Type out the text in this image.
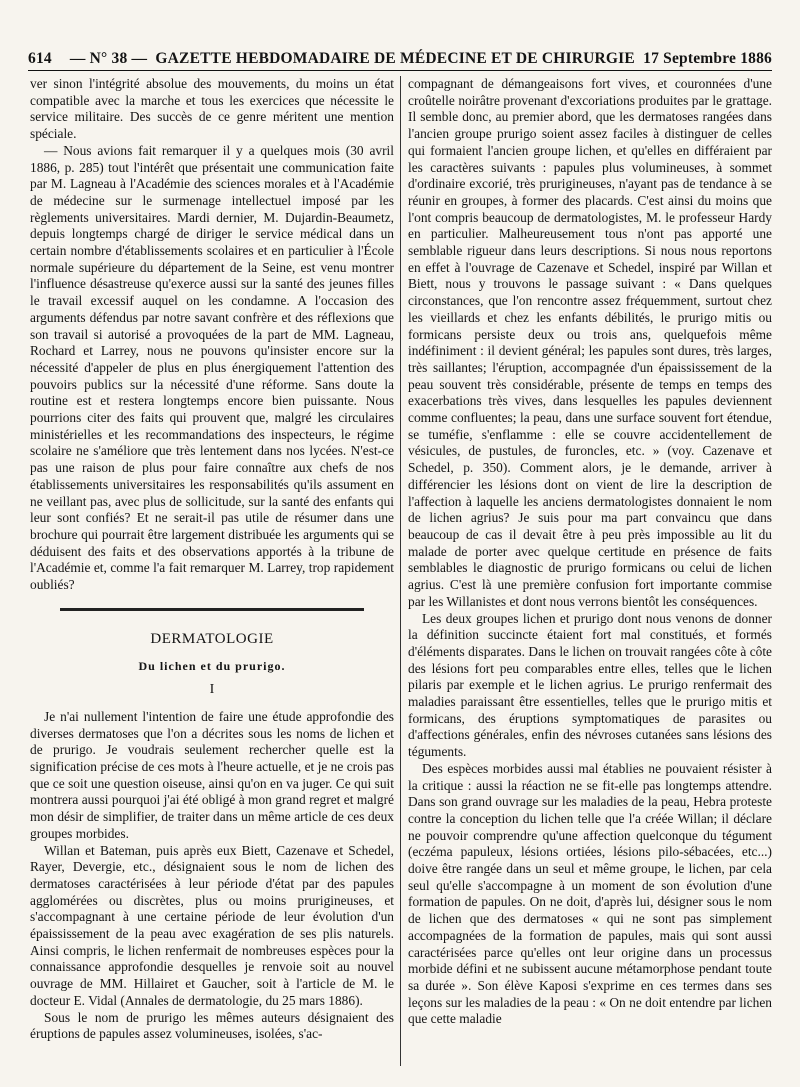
614 — N° 38 — GAZETTE HEBDOMADAIRE DE MÉDECINE ET DE CHIRURGIE 17 Septembre 1886

ver sinon l'intégrité absolue des mouvements, du moins un état compatible avec la marche et tous les exercices que nécessite le service militaire. Des succès de ce genre méritent une mention spéciale.

— Nous avions fait remarquer il y a quelques mois (30 avril 1886, p. 285) tout l'intérêt que présentait une communication faite par M. Lagneau à l'Académie des sciences morales et à l'Académie de médecine sur le surmenage intellectuel imposé par les règlements universitaires. Mardi dernier, M. Dujardin-Beaumetz, depuis longtemps chargé de diriger le service médical dans un certain nombre d'établissements scolaires et en particulier à l'École normale supérieure du département de la Seine, est venu montrer l'influence désastreuse qu'exerce aussi sur la santé des jeunes filles le travail excessif auquel on les condamne. A l'occasion des arguments défendus par notre savant confrère et des réflexions que son travail si autorisé a provoquées de la part de MM. Lagneau, Rochard et Larrey, nous ne pouvons qu'insister encore sur la nécessité d'appeler de plus en plus énergiquement l'attention des pouvoirs publics sur la nécessité d'une réforme. Sans doute la routine est et restera longtemps encore bien puissante. Nous pourrions citer des faits qui prouvent que, malgré les circulaires ministérielles et les recommandations des inspecteurs, le régime scolaire ne s'améliore que très lentement dans nos lycées. N'est-ce pas une raison de plus pour faire connaître aux chefs de nos établissements universitaires les responsabilités qu'ils assument en ne veillant pas, avec plus de sollicitude, sur la santé des enfants qui leur sont confiés? Et ne serait-il pas utile de résumer dans une brochure qui pourrait être largement distribuée les arguments qui se déduisent des faits et des observations apportés à la tribune de l'Académie et, comme l'a fait remarquer M. Larrey, trop rapidement oubliés?

DERMATOLOGIE
Du lichen et du prurigo.
I

Je n'ai nullement l'intention de faire une étude approfondie des diverses dermatoses que l'on a décrites sous les noms de lichen et de prurigo. Je voudrais seulement rechercher quelle est la signification précise de ces mots à l'heure actuelle, et je ne crois pas que ce soit une question oiseuse, ainsi qu'on en va juger. Ce qui suit montrera aussi pourquoi j'ai été obligé à mon grand regret et malgré mon désir de simplifier, de traiter dans un même article de ces deux groupes morbides.

Willan et Bateman, puis après eux Biett, Cazenave et Schedel, Rayer, Devergie, etc., désignaient sous le nom de lichen des dermatoses caractérisées à leur période d'état par des papules agglomérées ou discrètes, plus ou moins prurigineuses, et s'accompagnant à une certaine période de leur évolution d'un épaississement de la peau avec exagération de ses plis naturels. Ainsi compris, le lichen renfermait de nombreuses espèces pour la connaissance approfondie desquelles je renvoie soit au nouvel ouvrage de MM. Hillairet et Gaucher, soit à l'article de M. le docteur E. Vidal (Annales de dermatologie, du 25 mars 1886).

Sous le nom de prurigo les mêmes auteurs désignaient des éruptions de papules assez volumineuses, isolées, s'ac-

compagnant de démangeaisons fort vives, et couronnées d'une croûtelle noirâtre provenant d'excoriations produites par le grattage. Il semble donc, au premier abord, que les dermatoses rangées dans l'ancien groupe prurigo soient assez faciles à distinguer de celles qui formaient l'ancien groupe lichen, et qu'elles en différaient par les caractères suivants : papules plus volumineuses, à sommet d'ordinaire excorié, très prurigineuses, n'ayant pas de tendance à se réunir en groupes, à former des placards. C'est ainsi du moins que l'ont compris beaucoup de dermatologistes, M. le professeur Hardy en particulier. Malheureusement tous n'ont pas apporté une semblable rigueur dans leurs descriptions. Si nous nous reportons en effet à l'ouvrage de Cazenave et Schedel, inspiré par Willan et Biett, nous y trouvons le passage suivant : « Dans quelques circonstances, que l'on rencontre assez fréquemment, surtout chez les vieillards et chez les enfants débilités, le prurigo mitis ou formicans persiste deux ou trois ans, quelquefois même indéfiniment : il devient général; les papules sont dures, très larges, très saillantes; l'éruption, accompagnée d'un épaississement de la peau souvent très considérable, présente de temps en temps des exacerbations très vives, dans lesquelles les papules deviennent comme confluentes; la peau, dans une surface souvent fort étendue, se tuméfie, s'enflamme : elle se couvre accidentellement de vésicules, de pustules, de furoncles, etc. » (voy. Cazenave et Schedel, p. 350). Comment alors, je le demande, arriver à différencier les lésions dont on vient de lire la description de l'affection à laquelle les anciens dermatologistes donnaient le nom de lichen agrius? Je suis pour ma part convaincu que dans beaucoup de cas il devait être à peu près impossible au lit du malade de porter avec quelque certitude en présence de faits semblables le diagnostic de prurigo formicans ou celui de lichen agrius. C'est là une première confusion fort importante commise par les Willanistes et dont nous verrons bientôt les conséquences.

Les deux groupes lichen et prurigo dont nous venons de donner la définition succincte étaient fort mal constitués, et formés d'éléments disparates. Dans le lichen on trouvait rangées côte à côte des lésions fort peu comparables entre elles, telles que le lichen pilaris par exemple et le lichen agrius. Le prurigo renfermait des maladies paraissant être essentielles, telles que le prurigo mitis et formicans, des éruptions symptomatiques de parasites ou d'affections générales, enfin des névroses cutanées sans lésions des téguments.

Des espèces morbides aussi mal établies ne pouvaient résister à la critique : aussi la réaction ne se fit-elle pas longtemps attendre. Dans son grand ouvrage sur les maladies de la peau, Hebra proteste contre la conception du lichen telle que l'a créée Willan; il déclare ne pouvoir comprendre qu'une affection quelconque du tégument (eczéma papuleux, lésions ortiées, lésions pilo-sébacées, etc...) doive être rangée dans un seul et même groupe, le lichen, par cela seul qu'elle s'accompagne à un moment de son évolution d'une formation de papules. On ne doit, d'après lui, désigner sous le nom de lichen que des dermatoses « qui ne sont pas simplement accompagnées de la formation de papules, mais qui sont aussi caractérisées parce qu'elles ont leur origine dans un processus morbide défini et ne subissent aucune métamorphose pendant toute sa durée ». Son élève Kaposi s'exprime en ces termes dans ses leçons sur les maladies de la peau : « On ne doit entendre par lichen que cette maladie
